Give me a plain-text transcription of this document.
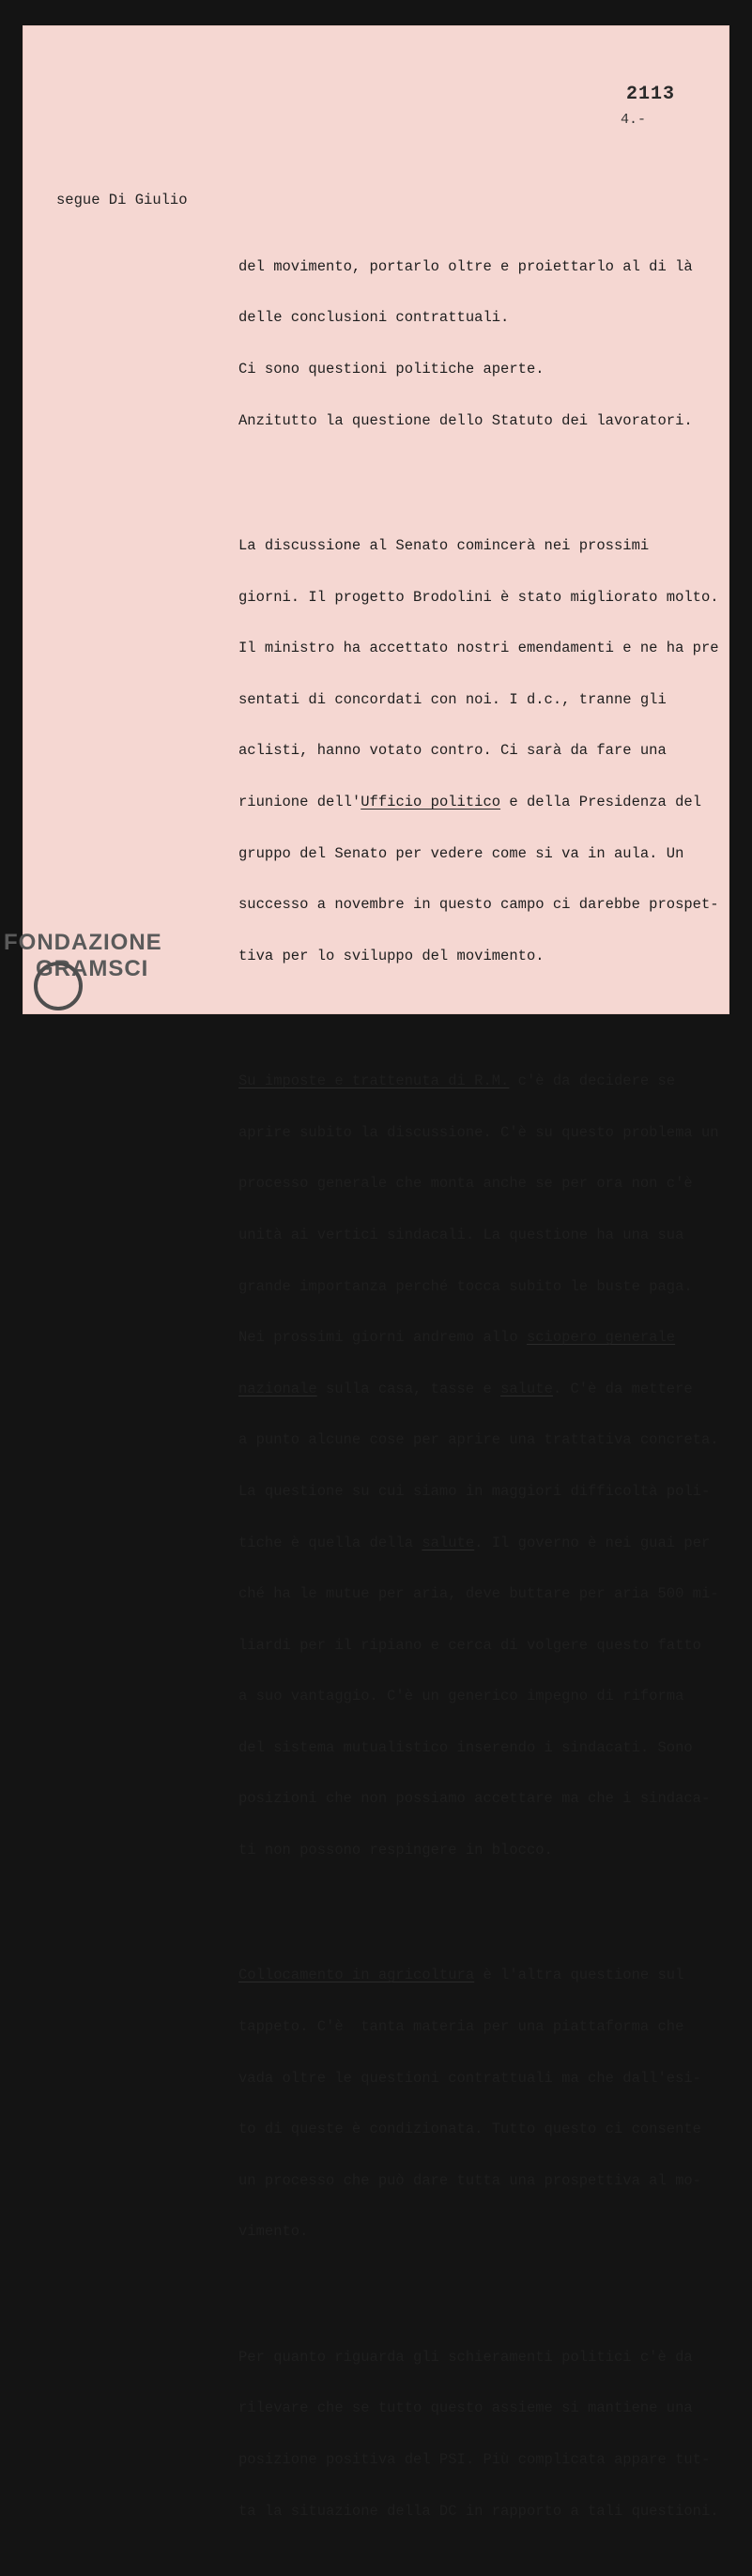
2113
4.-
segue Di Giulio

del movimento, portarlo oltre e proiettarlo al di là

delle conclusioni contrattuali.

Ci sono questioni politiche aperte.

Anzitutto la questione dello Statuto dei lavoratori.

La discussione al Senato comincerà nei prossimi

giorni. Il progetto Brodolini è stato migliorato molto.

Il ministro ha accettato nostri emendamenti e ne ha pre

sentati di concordati con noi. I d.c., tranne gli

aclisti, hanno votato contro. Ci sarà da fare una

riunione dell'Ufficio politico e della Presidenza del

gruppo del Senato per vedere come si va in aula. Un

successo a novembre in questo campo ci darebbe prospet-

tiva per lo sviluppo del movimento.

Su imposte e trattenuta di R.M. c'è da decidere se

aprire subito la discussione. C'è su questo problema un

processo generale che monta anche se per ora non c'è

unità ai vertici sindacali. La questione ha una sua

grande importanza perché tocca subito le buste paga.

Nei prossimi giorni andremo allo sciopero generale

nazionale sulla casa, tasse e salute. C'è da mettere

a punto alcune cose per aprire una trattativa concreta.

La questione su cui siamo in maggiori difficoltà poli-

tiche è quella della salute. Il governo è nei guai per

ché ha le mutue per aria, deve buttare per aria 500 mi-

liardi per il ripiano e cerca di volgere questo fatto

a suo vantaggio. C'è un generico impegno di riforma

del sistema mutualistico inserendo i sindacati. Sono

posizioni che non possiamo accettare ma che i sindaca-

ti non possono respingere in blocco.

Collocamento in agricoltura è l'altra questione sul

tappeto. C'è  tanta materia per una piattaforma che

vada oltre le questioni contrattuali ma che dall'esi-

to di queste è condizionata. Tutto questo ci consente

un processo che può dare tutta una prospettiva al mo-

vimento.

Per quanto riguarda gli schieramenti politici c'è da

rilevare che se tutto questo assieme si mantiene una

posizione positiva del PSI. Più complicata appare tut-

ta la situazione della DC in rapporto a tali questioni.

FONDAZIONE
GRAMSCI
